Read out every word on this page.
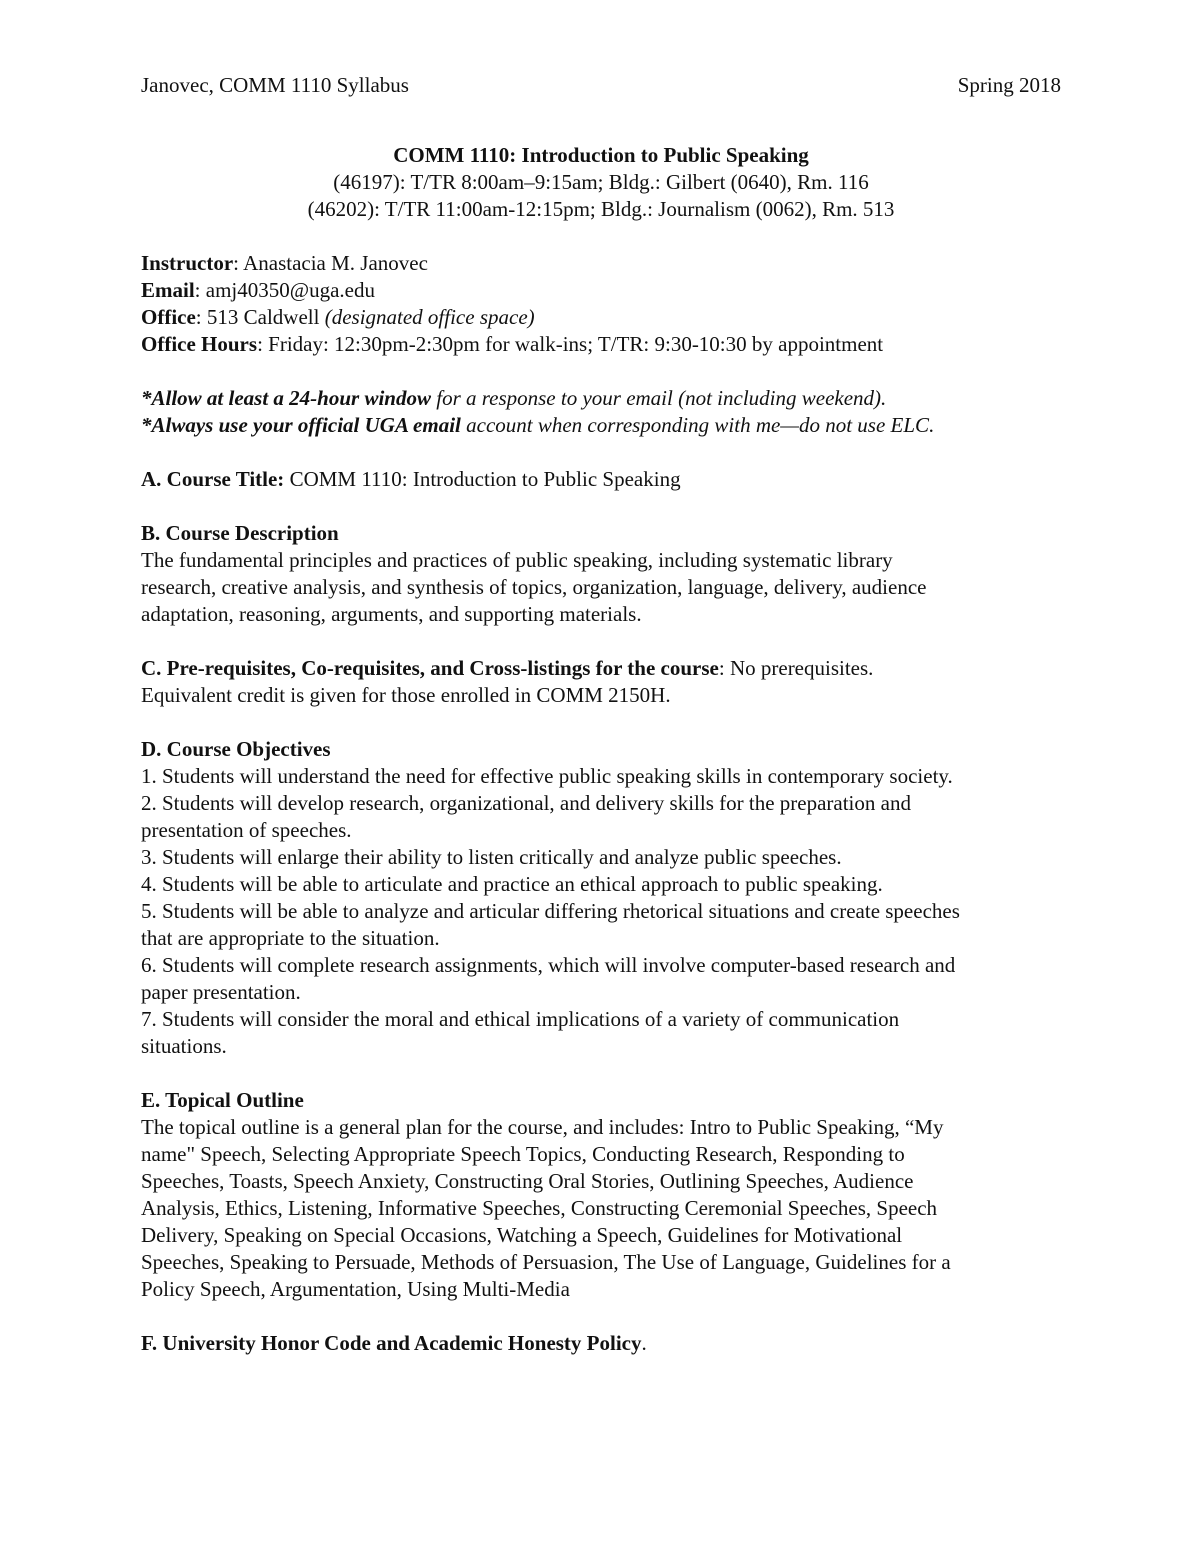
Janovec, COMM 1110 Syllabus	Spring 2018
COMM 1110: Introduction to Public Speaking
(46197): T/TR 8:00am–9:15am; Bldg.: Gilbert (0640), Rm. 116
(46202): T/TR 11:00am-12:15pm; Bldg.: Journalism (0062), Rm. 513
Instructor: Anastacia M. Janovec
Email: amj40350@uga.edu
Office: 513 Caldwell (designated office space)
Office Hours: Friday: 12:30pm-2:30pm for walk-ins; T/TR: 9:30-10:30 by appointment
*Allow at least a 24-hour window for a response to your email (not including weekend).
*Always use your official UGA email account when corresponding with me—do not use ELC.
A. Course Title: COMM 1110: Introduction to Public Speaking
B. Course Description
The fundamental principles and practices of public speaking, including systematic library
research, creative analysis, and synthesis of topics, organization, language, delivery, audience
adaptation, reasoning, arguments, and supporting materials.
C. Pre-requisites, Co-requisites, and Cross-listings for the course: No prerequisites.
Equivalent credit is given for those enrolled in COMM 2150H.
D. Course Objectives
1. Students will understand the need for effective public speaking skills in contemporary society.
2. Students will develop research, organizational, and delivery skills for the preparation and
presentation of speeches.
3. Students will enlarge their ability to listen critically and analyze public speeches.
4. Students will be able to articulate and practice an ethical approach to public speaking.
5. Students will be able to analyze and articular differing rhetorical situations and create speeches
that are appropriate to the situation.
6. Students will complete research assignments, which will involve computer-based research and
paper presentation.
7. Students will consider the moral and ethical implications of a variety of communication
situations.
E. Topical Outline
The topical outline is a general plan for the course, and includes: Intro to Public Speaking, “My
name" Speech, Selecting Appropriate Speech Topics, Conducting Research, Responding to
Speeches, Toasts, Speech Anxiety, Constructing Oral Stories, Outlining Speeches, Audience
Analysis, Ethics, Listening, Informative Speeches, Constructing Ceremonial Speeches, Speech
Delivery, Speaking on Special Occasions, Watching a Speech, Guidelines for Motivational
Speeches, Speaking to Persuade, Methods of Persuasion, The Use of Language, Guidelines for a
Policy Speech, Argumentation, Using Multi-Media
F. University Honor Code and Academic Honesty Policy.
